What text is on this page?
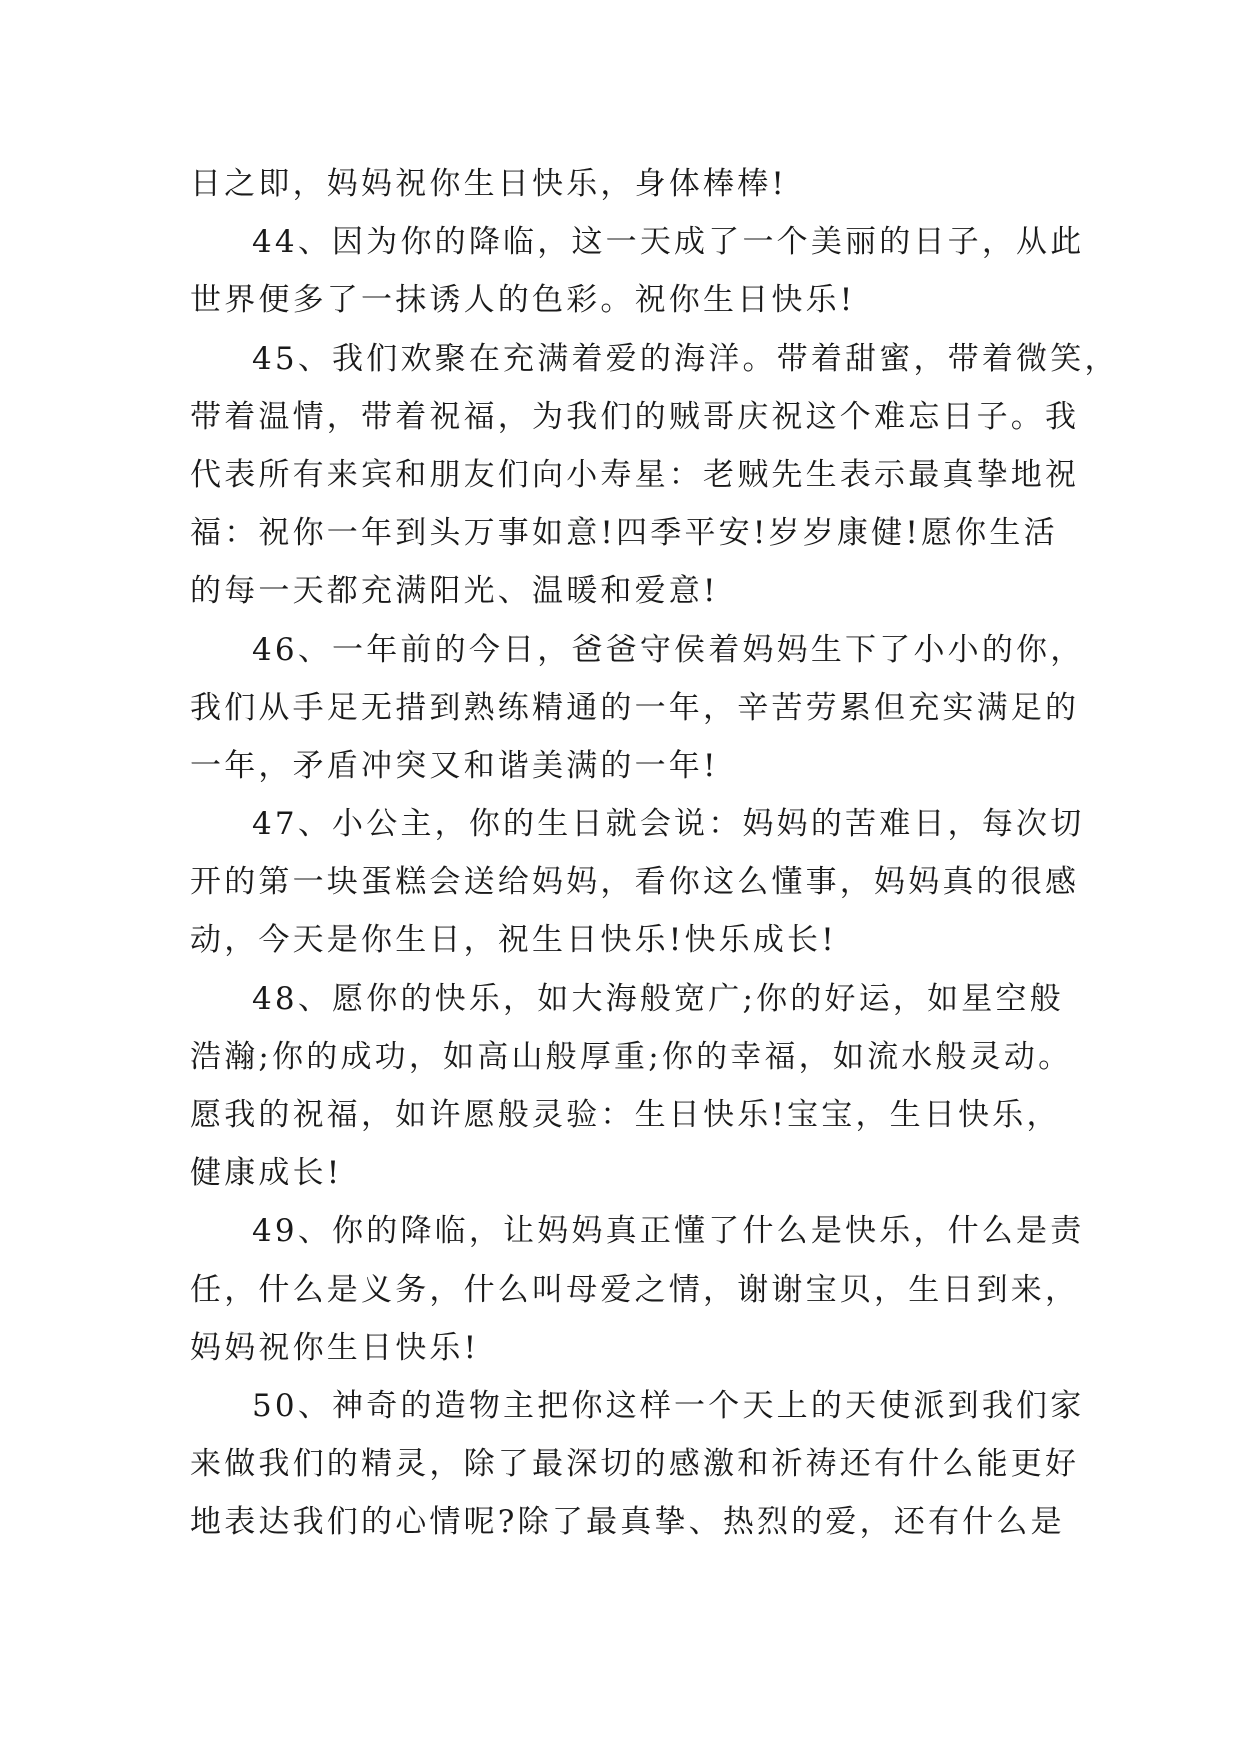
日之即，妈妈祝你生日快乐，身体棒棒!
44、因为你的降临，这一天成了一个美丽的日子，从此
世界便多了一抹诱人的色彩。祝你生日快乐!
45、我们欢聚在充满着爱的海洋。带着甜蜜，带着微笑，
带着温情，带着祝福，为我们的贼哥庆祝这个难忘日子。我
代表所有来宾和朋友们向小寿星：老贼先生表示最真挚地祝
福：祝你一年到头万事如意!四季平安!岁岁康健!愿你生活
的每一天都充满阳光、温暖和爱意!
46、一年前的今日，爸爸守侯着妈妈生下了小小的你，
我们从手足无措到熟练精通的一年，辛苦劳累但充实满足的
一年，矛盾冲突又和谐美满的一年!
47、小公主，你的生日就会说：妈妈的苦难日，每次切
开的第一块蛋糕会送给妈妈，看你这么懂事，妈妈真的很感
动，今天是你生日，祝生日快乐!快乐成长!
48、愿你的快乐，如大海般宽广;你的好运，如星空般
浩瀚;你的成功，如高山般厚重;你的幸福，如流水般灵动。
愿我的祝福，如许愿般灵验：生日快乐!宝宝，生日快乐，
健康成长!
49、你的降临，让妈妈真正懂了什么是快乐，什么是责
任，什么是义务，什么叫母爱之情，谢谢宝贝，生日到来，
妈妈祝你生日快乐!
50、神奇的造物主把你这样一个天上的天使派到我们家
来做我们的精灵，除了最深切的感激和祈祷还有什么能更好
地表达我们的心情呢?除了最真挚、热烈的爱，还有什么是
